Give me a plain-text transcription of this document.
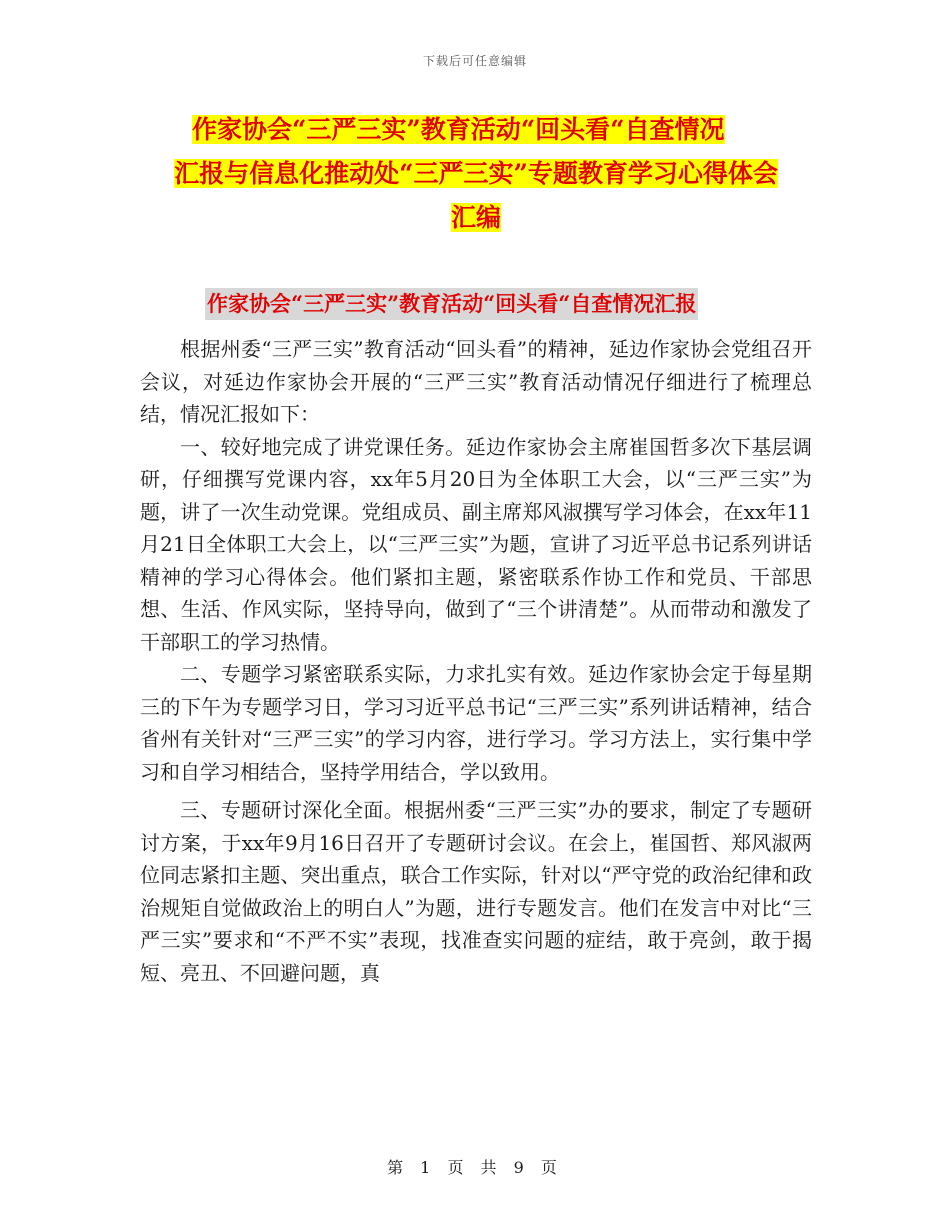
下载后可任意编辑
作家协会“三严三实”教育活动“回头看“自查情况
汇报与信息化推动处“三严三实”专题教育学习心得体会
汇编
作家协会“三严三实”教育活动“回头看“自查情况汇报

根据州委“三严三实”教育活动“回头看”的精神，延边作家协会党组召开会议，对延边作家协会开展的“三严三实”教育活动情况仔细进行了梳理总结，情况汇报如下：

一、较好地完成了讲党课任务。延边作家协会主席崔国哲多次下基层调研，仔细撰写党课内容，xx年5月20日为全体职工大会，以“三严三实”为题，讲了一次生动党课。党组成员、副主席郑风淑撰写学习体会，在xx年11月21日全体职工大会上，以“三严三实”为题，宣讲了习近平总书记系列讲话精神的学习心得体会。他们紧扣主题，紧密联系作协工作和党员、干部思想、生活、作风实际，坚持导向，做到了“三个讲清楚”。从而带动和激发了干部职工的学习热情。

二、专题学习紧密联系实际，力求扎实有效。延边作家协会定于每星期三的下午为专题学习日，学习习近平总书记“三严三实”系列讲话精神，结合省州有关针对“三严三实”的学习内容，进行学习。学习方法上，实行集中学习和自学习相结合，坚持学用结合，学以致用。

三、专题研讨深化全面。根据州委“三严三实”办的要求，制定了专题研讨方案，于xx年9月16日召开了专题研讨会议。在会上，崔国哲、郑风淑两位同志紧扣主题、突出重点，联合工作实际，针对以“严守党的政治纪律和政治规矩自觉做政治上的明白人”为题，进行专题发言。他们在发言中对比“三严三实”要求和“不严不实”表现，找准查实问题的症结，敢于亮剑，敢于揭短、亮丑、不回避问题，真

第 1 页 共 9 页
